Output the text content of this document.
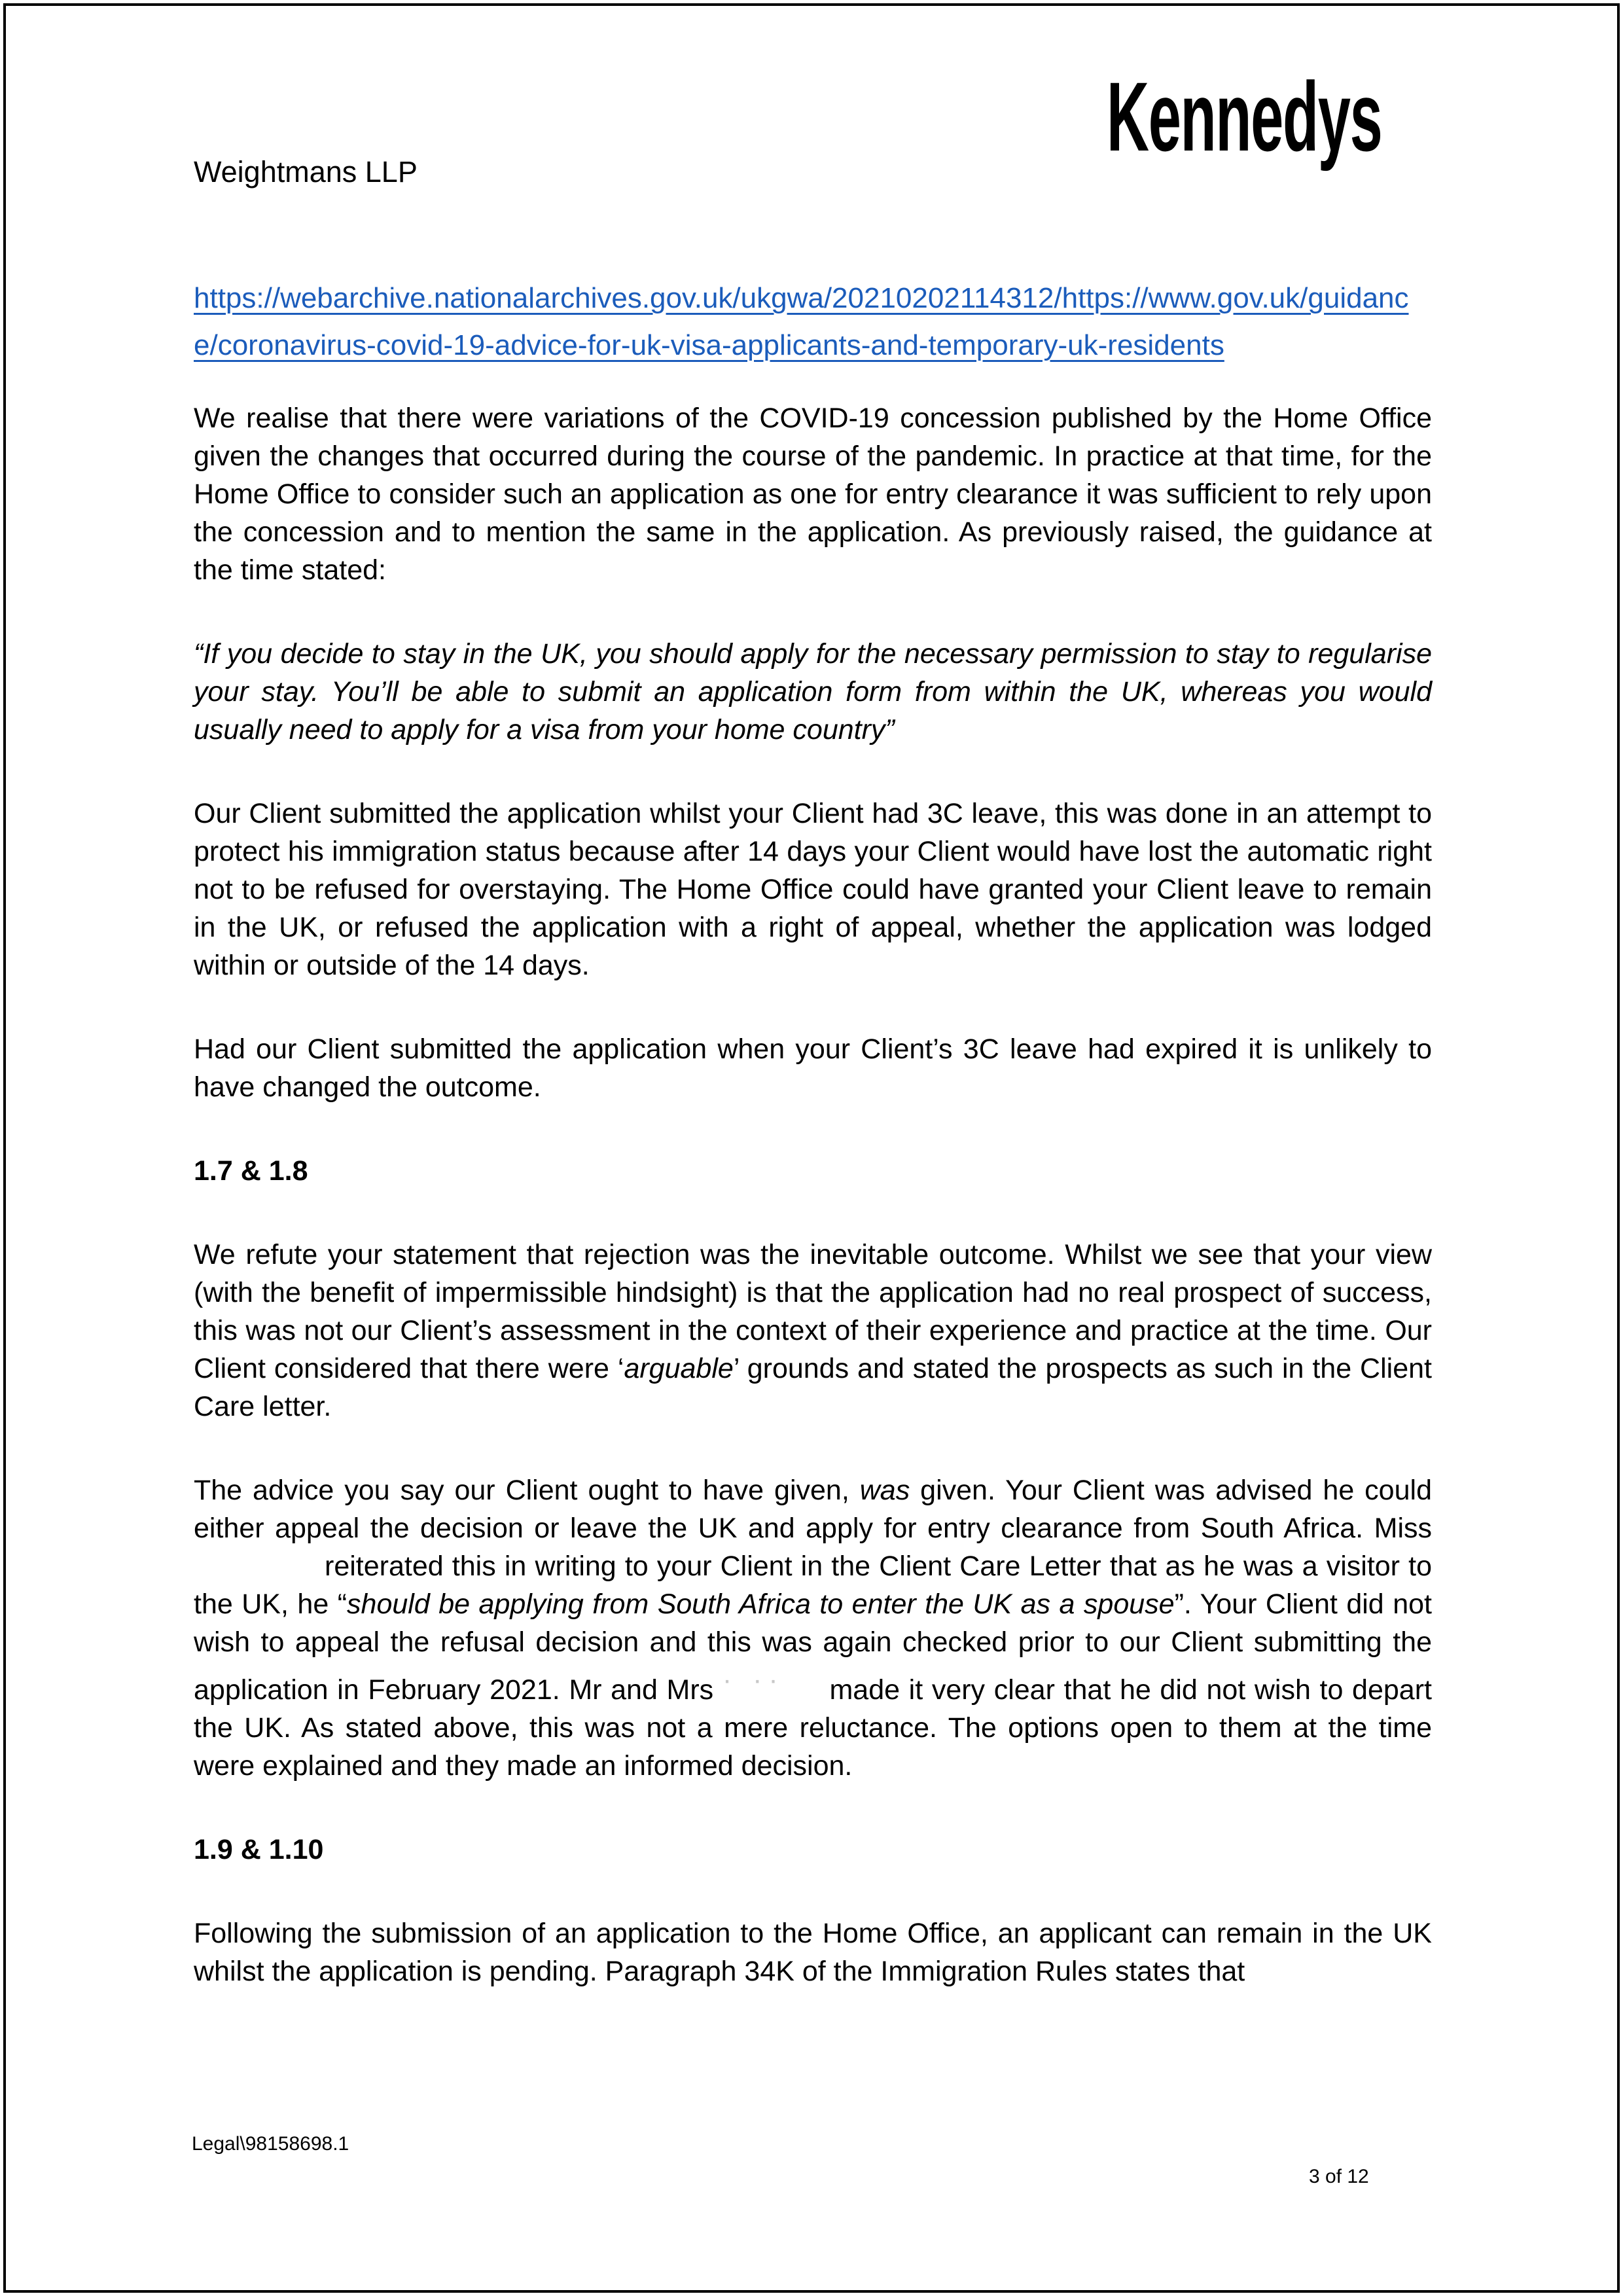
Weightmans LLP
Kennedys
https://webarchive.nationalarchives.gov.uk/ukgwa/20210202114312/https://www.gov.uk/guidance/coronavirus-covid-19-advice-for-uk-visa-applicants-and-temporary-uk-residents

We realise that there were variations of the COVID-19 concession published by the Home Office given the changes that occurred during the course of the pandemic. In practice at that time, for the Home Office to consider such an application as one for entry clearance it was sufficient to rely upon the concession and to mention the same in the application. As previously raised, the guidance at the time stated:

“If you decide to stay in the UK, you should apply for the necessary permission to stay to regularise your stay. You’ll be able to submit an application form from within the UK, whereas you would usually need to apply for a visa from your home country”

Our Client submitted the application whilst your Client had 3C leave, this was done in an attempt to protect his immigration status because after 14 days your Client would have lost the automatic right not to be refused for overstaying. The Home Office could have granted your Client leave to remain in the UK, or refused the application with a right of appeal, whether the application was lodged within or outside of the 14 days.

Had our Client submitted the application when your Client’s 3C leave had expired it is unlikely to have changed the outcome.

1.7 & 1.8

We refute your statement that rejection was the inevitable outcome. Whilst we see that your view (with the benefit of impermissible hindsight) is that the application had no real prospect of success, this was not our Client’s assessment in the context of their experience and practice at the time. Our Client considered that there were ‘arguable’ grounds and stated the prospects as such in the Client Care letter.

The advice you say our Client ought to have given, was given. Your Client was advised he could either appeal the decision or leave the UK and apply for entry clearance from South Africa. Missreiterated this in writing to your Client in the Client Care Letter that as he was a visitor to the UK, he “should be applying from South Africa to enter the UK as a spouse”. Your Client did not wish to appeal the refusal decision and this was again checked prior to our Client submitting the application in February 2021. Mr and Mrs · ·· made it very clear that he did not wish to depart the UK. As stated above, this was not a mere reluctance. The options open to them at the time were explained and they made an informed decision.

1.9 & 1.10

Following the submission of an application to the Home Office, an applicant can remain in the UK whilst the application is pending. Paragraph 34K of the Immigration Rules states that

Legal\98158698.1
3 of 12
